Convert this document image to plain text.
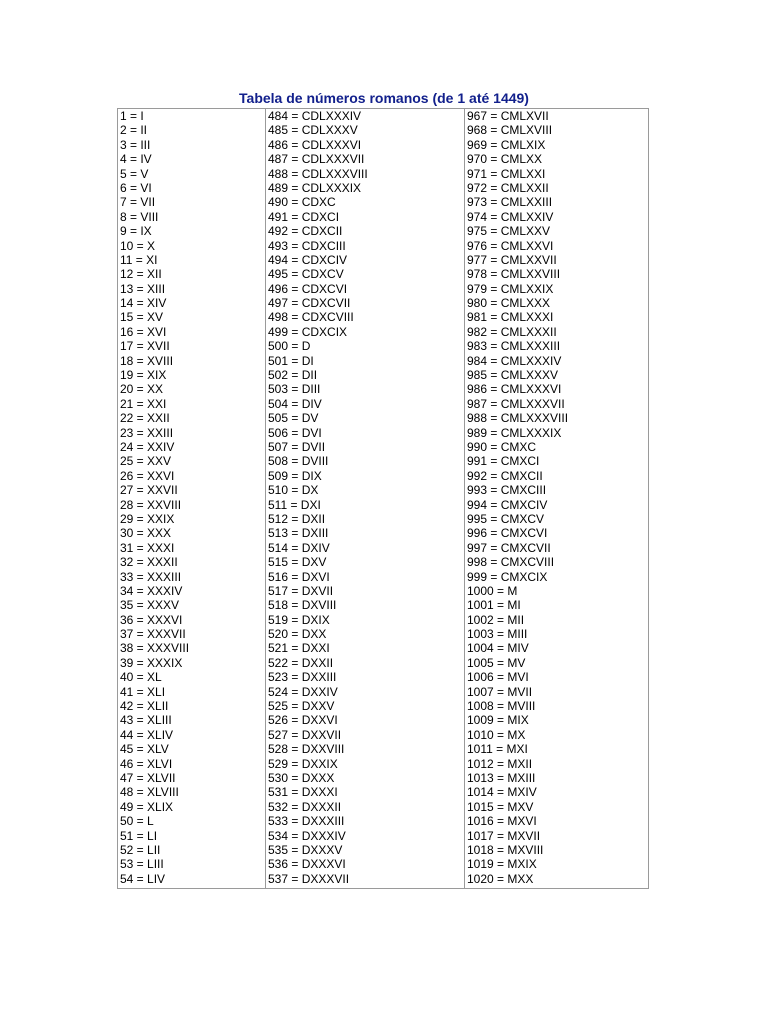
Tabela de números romanos (de 1 até 1449)
1 = I
2 = II
3 = III
4 = IV
5 = V
6 = VI
7 = VII
8 = VIII
9 = IX
10 = X
11 = XI
12 = XII
13 = XIII
14 = XIV
15 = XV
16 = XVI
17 = XVII
18 = XVIII
19 = XIX
20 = XX
21 = XXI
22 = XXII
23 = XXIII
24 = XXIV
25 = XXV
26 = XXVI
27 = XXVII
28 = XXVIII
29 = XXIX
30 = XXX
31 = XXXI
32 = XXXII
33 = XXXIII
34 = XXXIV
35 = XXXV
36 = XXXVI
37 = XXXVII
38 = XXXVIII
39 = XXXIX
40 = XL
41 = XLI
42 = XLII
43 = XLIII
44 = XLIV
45 = XLV
46 = XLVI
47 = XLVII
48 = XLVIII
49 = XLIX
50 = L
51 = LI
52 = LII
53 = LIII
54 = LIV
484 = CDLXXXIV
485 = CDLXXXV
486 = CDLXXXVI
487 = CDLXXXVII
488 = CDLXXXVIII
489 = CDLXXXIX
490 = CDXC
491 = CDXCI
492 = CDXCII
493 = CDXCIII
494 = CDXCIV
495 = CDXCV
496 = CDXCVI
497 = CDXCVII
498 = CDXCVIII
499 = CDXCIX
500 = D
501 = DI
502 = DII
503 = DIII
504 = DIV
505 = DV
506 = DVI
507 = DVII
508 = DVIII
509 = DIX
510 = DX
511 = DXI
512 = DXII
513 = DXIII
514 = DXIV
515 = DXV
516 = DXVI
517 = DXVII
518 = DXVIII
519 = DXIX
520 = DXX
521 = DXXI
522 = DXXII
523 = DXXIII
524 = DXXIV
525 = DXXV
526 = DXXVI
527 = DXXVII
528 = DXXVIII
529 = DXXIX
530 = DXXX
531 = DXXXI
532 = DXXXII
533 = DXXXIII
534 = DXXXIV
535 = DXXXV
536 = DXXXVI
537 = DXXXVII
967 = CMLXVII
968 = CMLXVIII
969 = CMLXIX
970 = CMLXX
971 = CMLXXI
972 = CMLXXII
973 = CMLXXIII
974 = CMLXXIV
975 = CMLXXV
976 = CMLXXVI
977 = CMLXXVII
978 = CMLXXVIII
979 = CMLXXIX
980 = CMLXXX
981 = CMLXXXI
982 = CMLXXXII
983 = CMLXXXIII
984 = CMLXXXIV
985 = CMLXXXV
986 = CMLXXXVI
987 = CMLXXXVII
988 = CMLXXXVIII
989 = CMLXXXIX
990 = CMXC
991 = CMXCI
992 = CMXCII
993 = CMXCIII
994 = CMXCIV
995 = CMXCV
996 = CMXCVI
997 = CMXCVII
998 = CMXCVIII
999 = CMXCIX
1000 = M
1001 = MI
1002 = MII
1003 = MIII
1004 = MIV
1005 = MV
1006 = MVI
1007 = MVII
1008 = MVIII
1009 = MIX
1010 = MX
1011 = MXI
1012 = MXII
1013 = MXIII
1014 = MXIV
1015 = MXV
1016 = MXVI
1017 = MXVII
1018 = MXVIII
1019 = MXIX
1020 = MXX
